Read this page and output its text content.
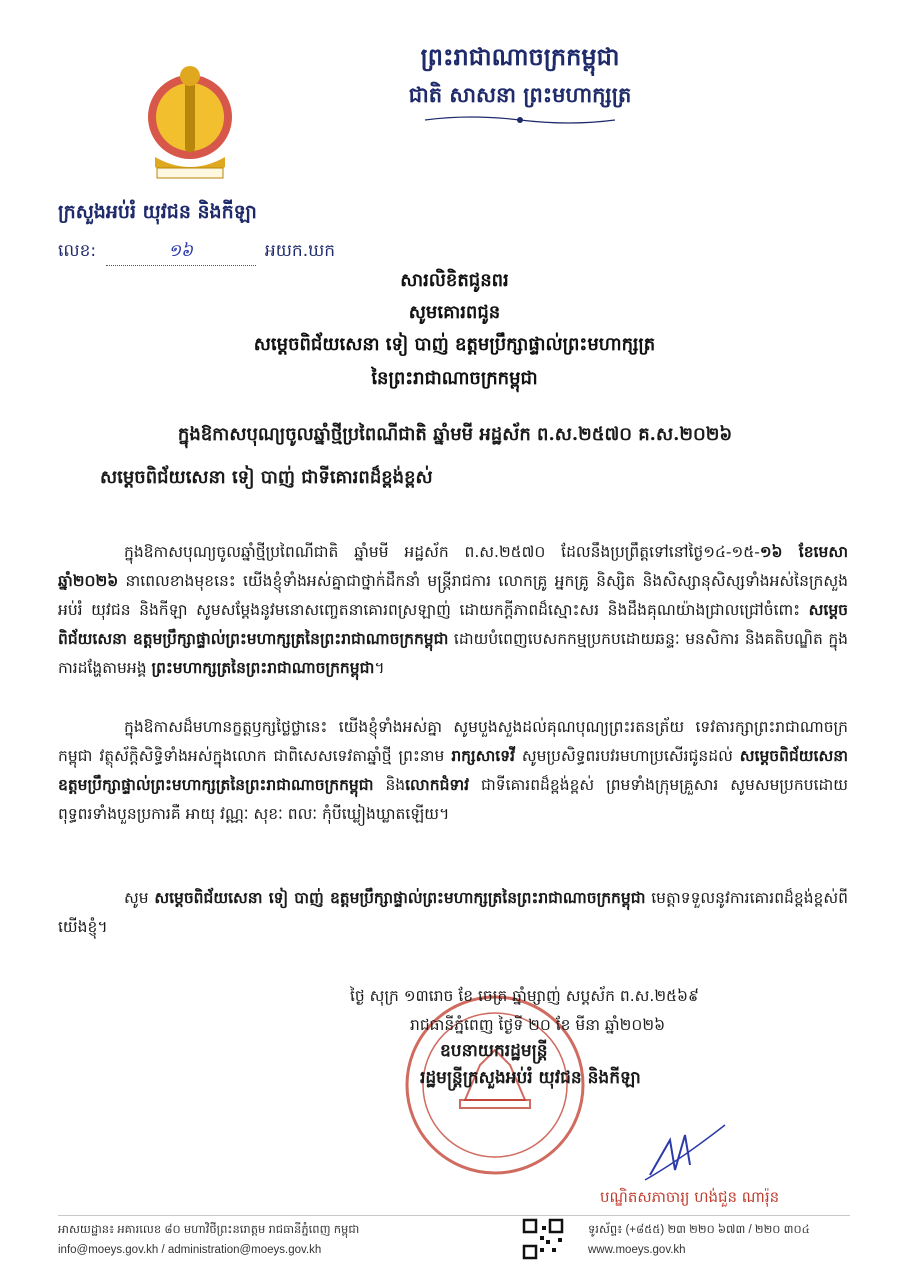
ព្រះរាជាណាចក្រកម្ពុជា
ជាតិ សាសនា ព្រះមហាក្សត្រ
ក្រសួងអប់រំ យុវជន និងកីឡា
លេខ:	១៦	អយក.ឃក
សារលិខិតជូនពរ
សូមគោរពជូន
សម្តេចពិជ័យសេនា ទៀ បាញ់ ឧត្តមប្រឹក្សាផ្ទាល់ព្រះមហាក្សត្រ
នៃព្រះរាជាណាចក្រកម្ពុជា
ក្នុងឱកាសបុណ្យចូលឆ្នាំថ្មីប្រពៃណីជាតិ ឆ្នាំមមី អដ្ឋស័ក ព.ស.២៥៧០ គ.ស.២០២៦
សម្តេចពិជ័យសេនា ទៀ បាញ់ ជាទីគោរពដ៏ខ្ពង់ខ្ពស់
ក្នុងឱកាសបុណ្យចូលឆ្នាំថ្មីប្រពៃណីជាតិ ឆ្នាំមមី អដ្ឋស័ក ព.ស.២៥៧០ ដែលនឹងប្រព្រឹត្តទៅនៅថ្ងៃ១៤-១៥-១៦ ខែមេសា ឆ្នាំ២០២៦ នាពេលខាងមុខនេះ យើងខ្ញុំទាំងអស់គ្នាជាថ្នាក់ដឹកនាំ មន្ត្រីរាជការ លោកគ្រូ អ្នកគ្រូ និស្សិត និងសិស្សានុសិស្សទាំងអស់នៃក្រសួងអប់រំ យុវជន និងកីឡា សូមសម្តែងនូវមនោសញ្ចេតនាគោរពស្រឡាញ់ ដោយកក្តីភាពដ៏ស្មោះសរ និងដឹងគុណយ៉ាងជ្រាលជ្រៅចំពោះ សម្តេចពិជ័យសេនា ឧត្តមប្រឹក្សាផ្ទាល់ព្រះមហាក្សត្រនៃព្រះរាជាណាចក្រកម្ពុជា ដោយបំពេញបេសកកម្មប្រកបដោយឆន្ទៈ មនសិការ និងគតិបណ្ឌិត ក្នុងការដង្ហែតាមអង្គ ព្រះមហាក្សត្រនៃព្រះរាជាណាចក្រកម្ពុជា។
ក្នុងឱកាសដ៏មហានក្ខត្តឫក្សថ្លៃថ្លានេះ យើងខ្ញុំទាំងអស់គ្នា សូមបួងសួងដល់គុណបុណ្យព្រះរតនត្រ័យ ទេវតារក្សាព្រះរាជាណាចក្រកម្ពុជា វត្ថុស័ក្តិសិទ្ធិទាំងអស់ក្នុងលោក ជាពិសេសទេវតាឆ្នាំថ្មី ព្រះនាម រាក្សសាទេវី សូមប្រសិទ្ធពរបវរមហាប្រសើរជូនដល់ សម្តេចពិជ័យសេនា ឧត្តមប្រឹក្សាផ្ទាល់ព្រះមហាក្សត្រនៃព្រះរាជាណាចក្រកម្ពុជា និងលោកជំទាវ ជាទីគោរពដ៏ខ្ពង់ខ្ពស់ ព្រមទាំងក្រុមគ្រួសារ សូមសមប្រកបដោយពុទ្ធពរទាំងបួនប្រការគឺ អាយុ វណ្ណៈ សុខៈ ពលៈ កុំបីឃ្លៀងឃ្លាតឡើយ។
សូម សម្តេចពិជ័យសេនា ទៀ បាញ់ ឧត្តមប្រឹក្សាផ្ទាល់ព្រះមហាក្សត្រនៃព្រះរាជាណាចក្រកម្ពុជា មេត្តាទទួលនូវការគោរពដ៏ខ្ពង់ខ្ពស់ពីយើងខ្ញុំ។
ថ្ងៃ សុក្រ ១៣រោច ខែ ចេត្រ ឆ្នាំម្សាញ់ សប្តស័ក ព.ស.២៥៦៩
រាជធានីភ្នំពេញ ថ្ងៃទី ២០ ខែ មីនា ឆ្នាំ២០២៦
ឧបនាយករដ្ឋមន្ត្រី
រដ្ឋមន្ត្រីក្រសួងអប់រំ យុវជន និងកីឡា
បណ្ឌិតសភាចារ្យ ហង់ជួន ណារ៉ុន
អាសយដ្ឋាន៖ អគារលេខ ៨០ មហាវិថីព្រះនរោត្តម រាជធានីភ្នំពេញ កម្ពុជា
info@moeys.gov.kh / administration@moeys.gov.kh
ទូរស័ព្ទ៖ (+៨៥៥) ២៣ ២២០ ៦៧៣ / ២២០ ៣០៤
www.moeys.gov.kh
